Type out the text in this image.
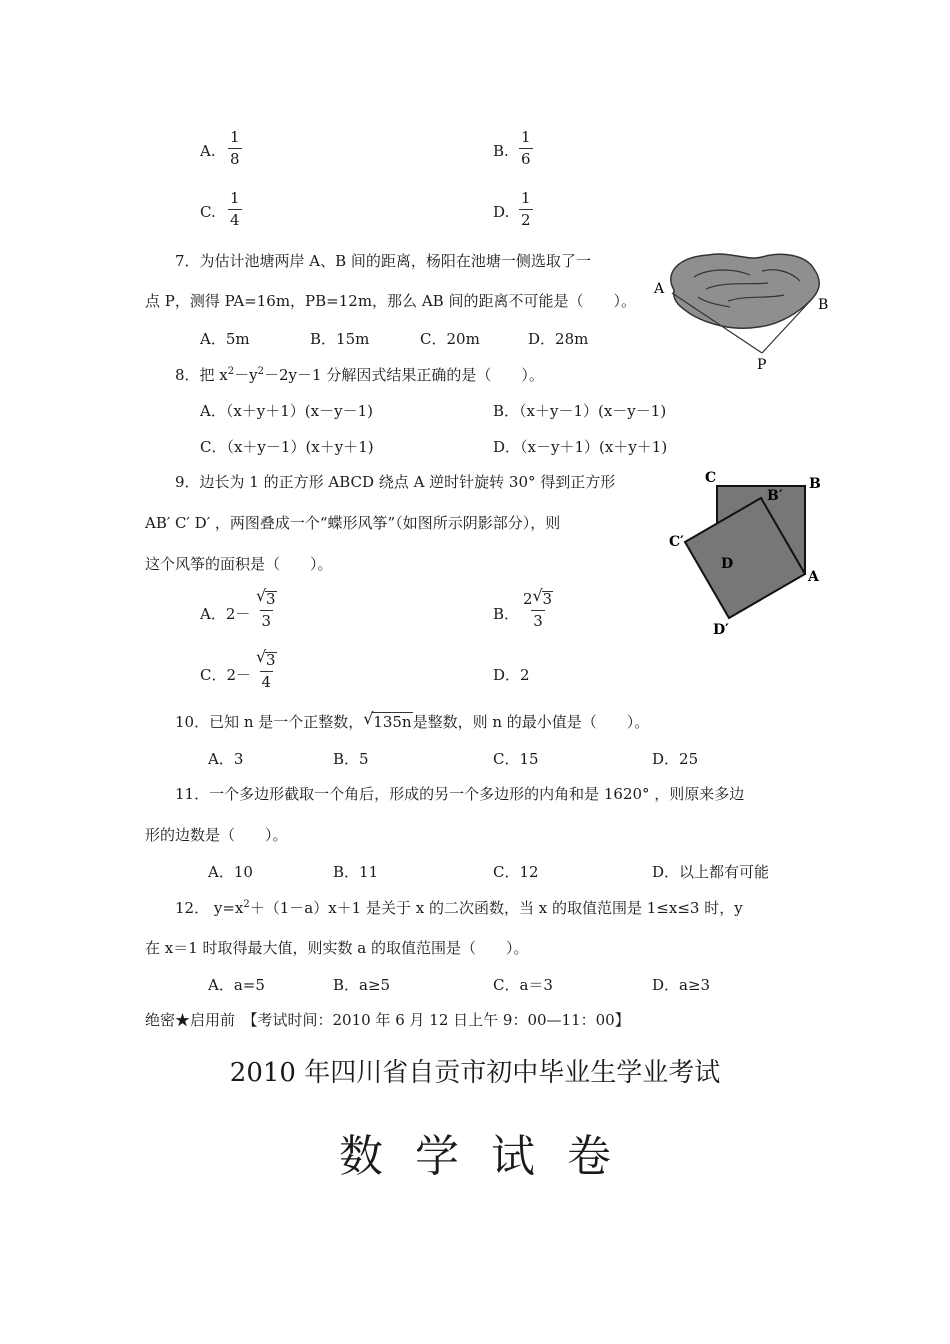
A. $\frac{1}{8}$	B. $\frac{1}{6}$
C. $\frac{1}{4}$	D. $\frac{1}{2}$
7．为估计池塘两岸 A、B 间的距离，杨阳在池塘一侧选取了一
点 P，测得 PA=16m，PB=12m，那么 AB 间的距离不可能是（　　）。
A．5m	B．15m	C．20m	D．28m
A
B
P
8．把 $x^2-y^2-2y-1$ 分解因式结果正确的是（　　）。
A．（x＋y＋1）(x－y－1)	B．（x＋y－1）(x－y－1)
C．（x＋y－1）(x＋y＋1)	D．（x－y＋1）(x＋y＋1)
9．边长为 1 的正方形 ABCD 绕点 A 逆时针旋转 30° 得到正方形
AB′ C′ D′ ，两图叠成一个“蝶形风筝”（如图所示阴影部分），则
这个风筝的面积是（　　）。
C	B
B′
C′
D
A
D′
A．$2- \frac{√ 3}{3}$	B． $\frac{2 √ 3}{3}$
C．$2- \frac{√ 3}{4}$	D．2
10．已知 n 是一个正整数， √ 135n是整数，则 n 的最小值是（　　）。
A．3	B．5	C．15	D．25
11．一个多边形截取一个角后，形成的另一个多边形的内角和是 1620° ，则原来多边
形的边数是（　　）。
A．10	B．11	C．12	D．以上都有可能
12． $y=x^2+(1-a)x+1$ 是关于 x 的二次函数，当 x 的取值范围是 1≤x≤3 时，y
在 x＝1 时取得最大值，则实数 a 的取值范围是（　　）。
A．a=5	B．a≥5	C．a＝3	D．a≥3
绝密★启用前　【考试时间：2010 年 6 月 12 日上午 9：00—11：00】
2010 年四川省自贡市初中毕业生学业考试
数学试卷
